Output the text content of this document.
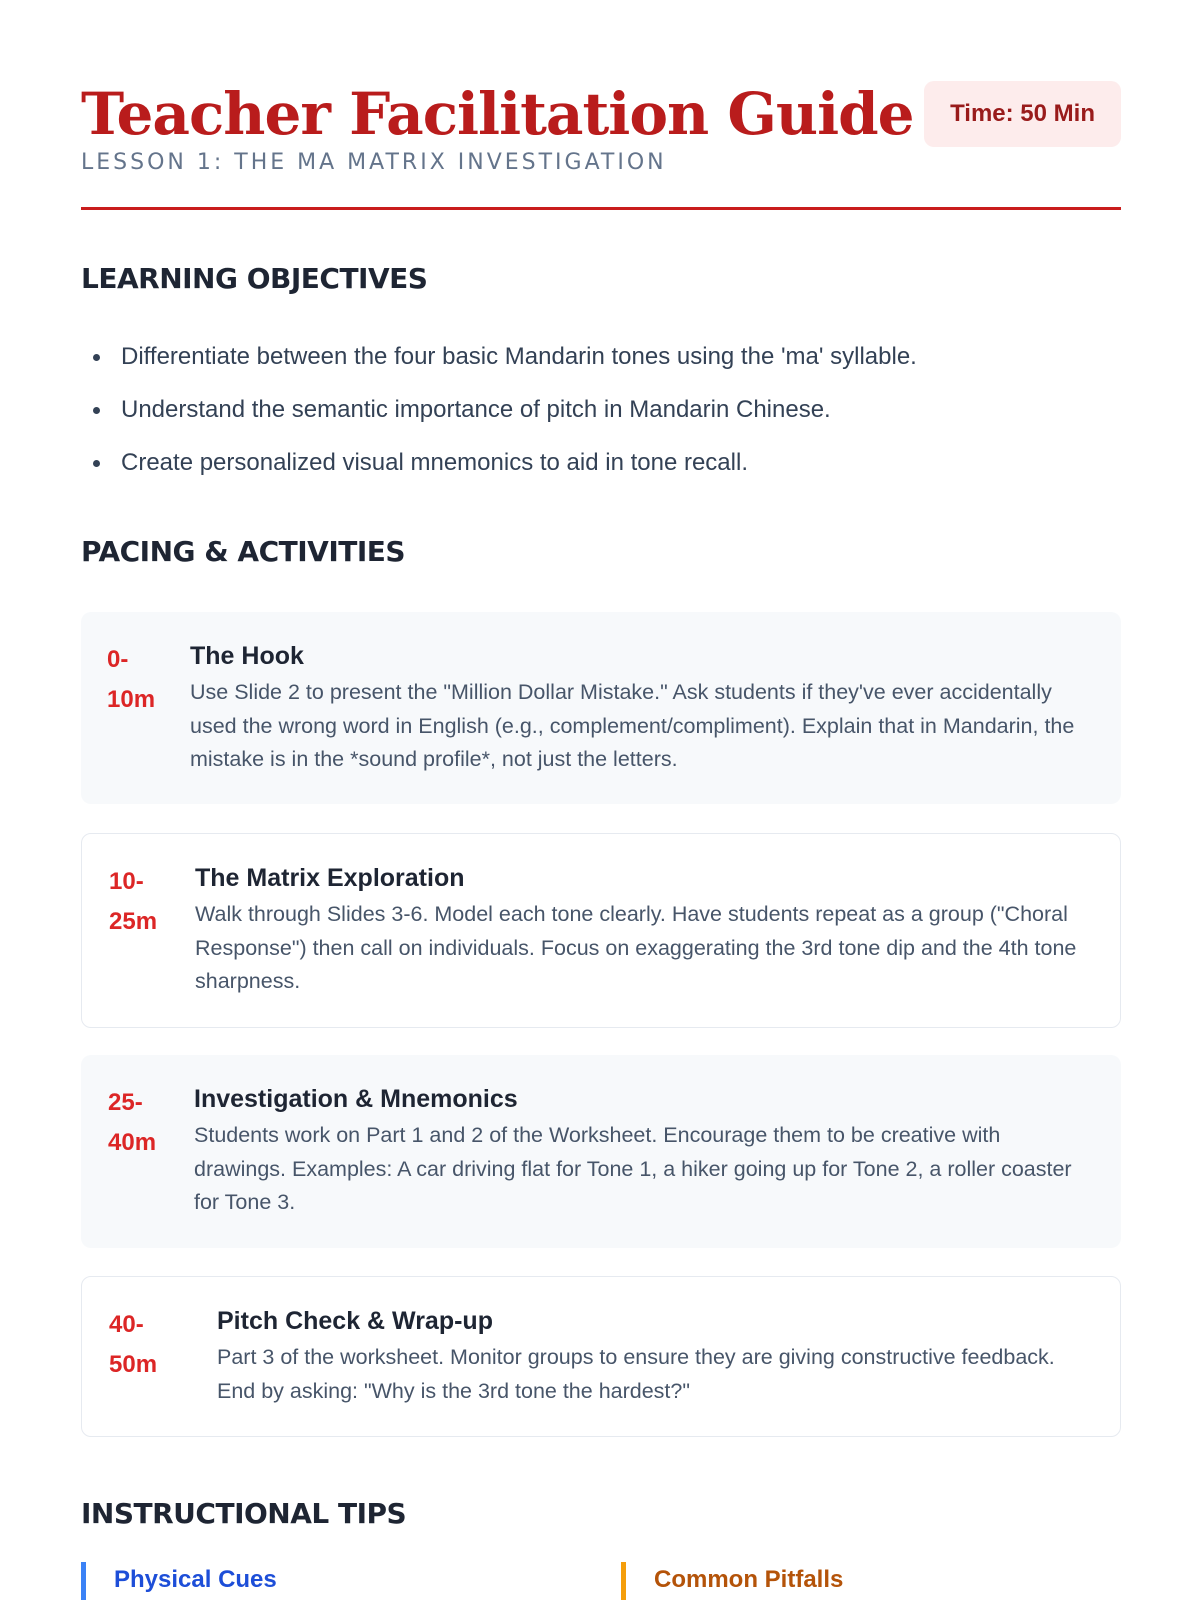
Teacher Facilitation Guide
LESSON 1: THE MA MATRIX INVESTIGATION
Time: 50 Min
LEARNING OBJECTIVES
Differentiate between the four basic Mandarin tones using the 'ma' syllable.
Understand the semantic importance of pitch in Mandarin Chinese.
Create personalized visual mnemonics to aid in tone recall.
PACING & ACTIVITIES
0-
10m
The Hook
Use Slide 2 to present the "Million Dollar Mistake." Ask students if they've ever accidentally used the wrong word in English (e.g., complement/compliment). Explain that in Mandarin, the mistake is in the *sound profile*, not just the letters.
10-
25m
The Matrix Exploration
Walk through Slides 3-6. Model each tone clearly. Have students repeat as a group ("Choral Response") then call on individuals. Focus on exaggerating the 3rd tone dip and the 4th tone sharpness.
25-
40m
Investigation & Mnemonics
Students work on Part 1 and 2 of the Worksheet. Encourage them to be creative with drawings. Examples: A car driving flat for Tone 1, a hiker going up for Tone 2, a roller coaster for Tone 3.
40-
50m
Pitch Check & Wrap-up
Part 3 of the worksheet. Monitor groups to ensure they are giving constructive feedback. End by asking: "Why is the 3rd tone the hardest?"
INSTRUCTIONAL TIPS
Physical Cues	Common Pitfalls
